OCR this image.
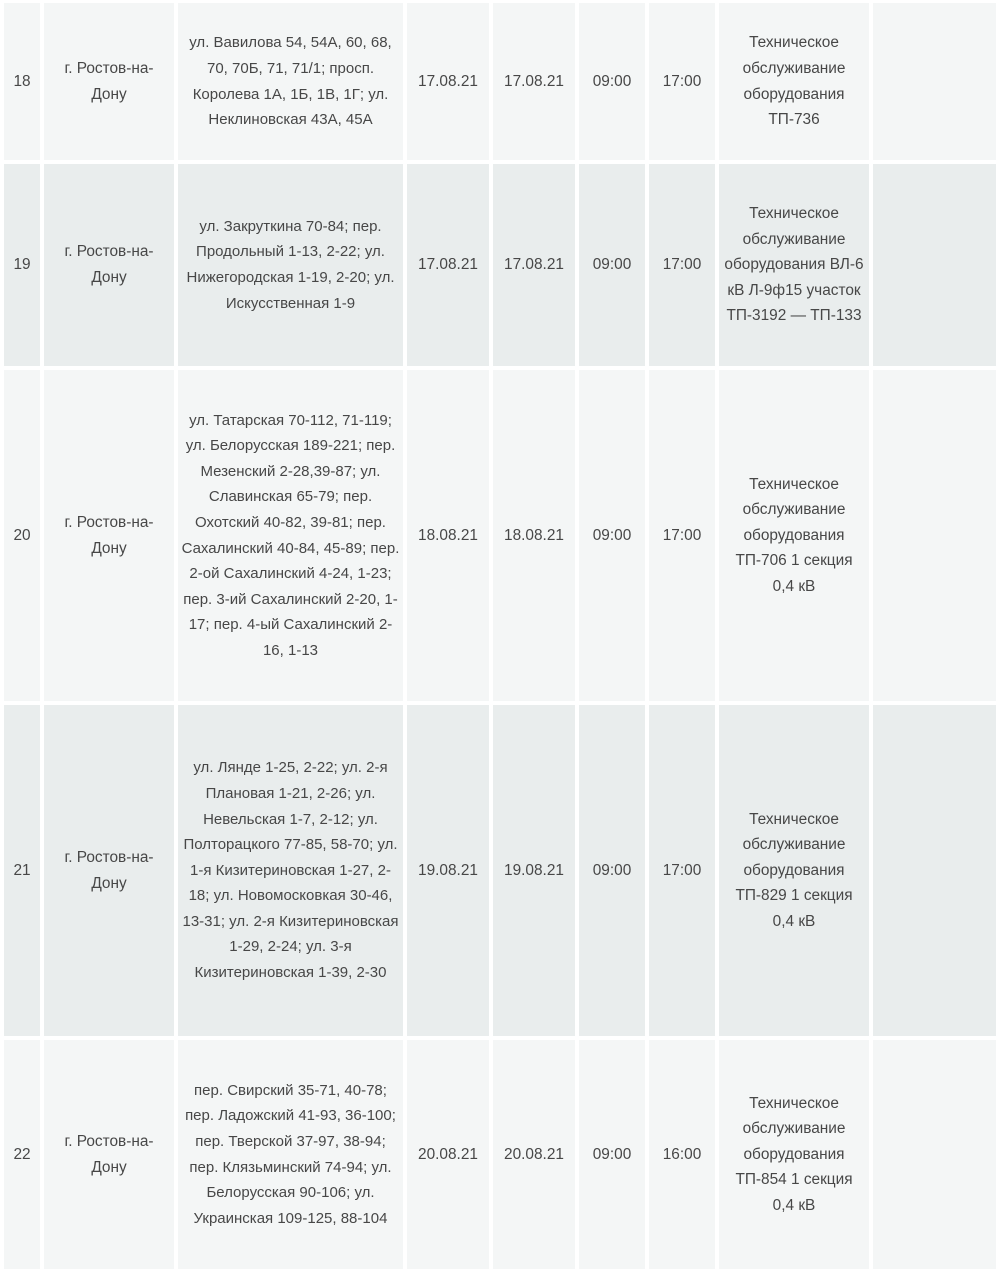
18	г. Ростов-на-Дону	ул. Вавилова 54, 54А, 60, 68, 70, 70Б, 71, 71/1; просп. Королева 1А, 1Б, 1В, 1Г; ул. Неклиновская 43А, 45А	17.08.21	17.08.21	09:00	17:00	Техническое обслуживание оборудования ТП-736	
19	г. Ростов-на-Дону	ул. Закруткина 70-84; пер. Продольный 1-13, 2-22; ул. Нижегородская 1-19, 2-20; ул. Искусственная 1-9	17.08.21	17.08.21	09:00	17:00	Техническое обслуживание оборудования ВЛ-6 кВ Л-9ф15 участок ТП-3192 — ТП-133	
20	г. Ростов-на-Дону	ул. Татарская 70-112, 71-119; ул. Белорусская 189-221; пер. Мезенский 2-28,39-87; ул. Славинская 65-79; пер. Охотский 40-82, 39-81; пер. Сахалинский 40-84, 45-89; пер. 2-ой Сахалинский 4-24, 1-23; пер. 3-ий Сахалинский 2-20, 1-17; пер. 4-ый Сахалинский 2-16, 1-13	18.08.21	18.08.21	09:00	17:00	Техническое обслуживание оборудования ТП-706 1 секция 0,4 кВ	
21	г. Ростов-на-Дону	ул. Лянде 1-25, 2-22; ул. 2-я Плановая 1-21, 2-26; ул. Невельская 1-7, 2-12; ул. Полторацкого 77-85, 58-70; ул. 1-я Кизитериновская 1-27, 2-18; ул. Новомосковкая 30-46, 13-31; ул. 2-я Кизитериновская 1-29, 2-24; ул. 3-я Кизитериновская 1-39, 2-30	19.08.21	19.08.21	09:00	17:00	Техническое обслуживание оборудования ТП-829 1 секция 0,4 кВ	
22	г. Ростов-на-Дону	пер. Свирский 35-71, 40-78; пер. Ладожский 41-93, 36-100; пер. Тверской 37-97, 38-94; пер. Клязьминский 74-94; ул. Белорусская 90-106; ул. Украинская 109-125, 88-104	20.08.21	20.08.21	09:00	16:00	Техническое обслуживание оборудования ТП-854 1 секция 0,4 кВ	
